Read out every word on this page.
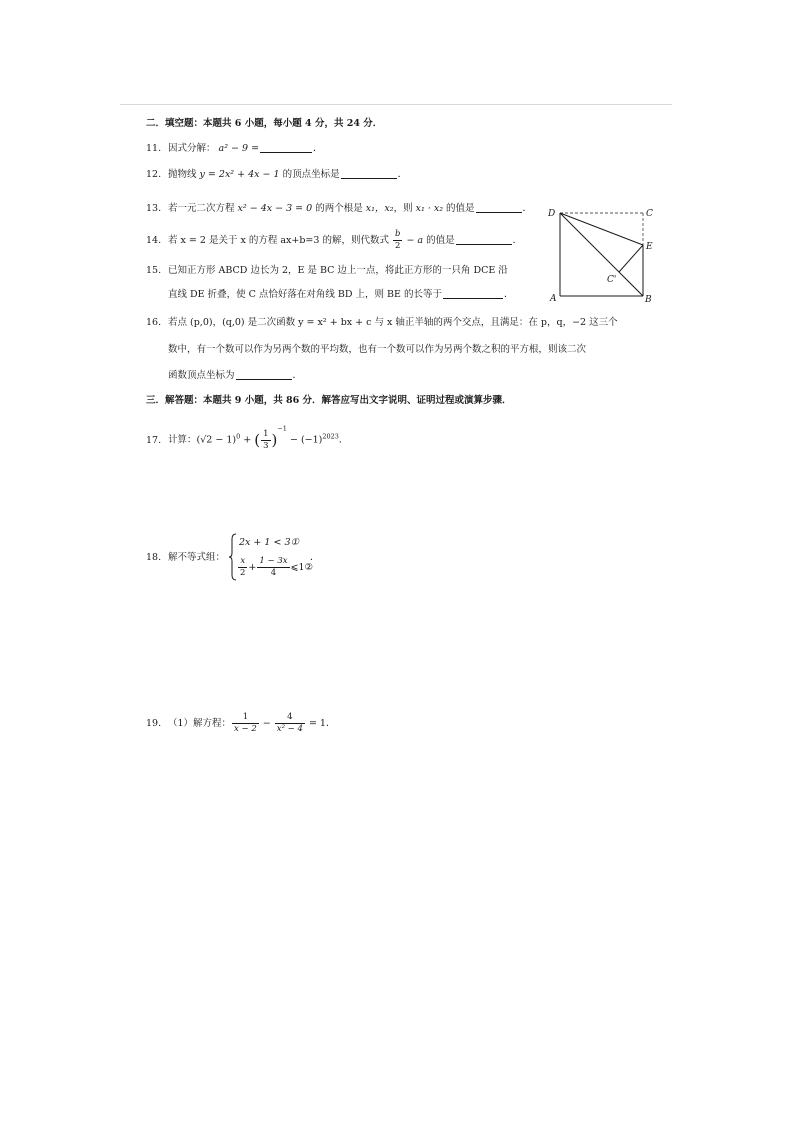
二．填空题：本题共 6 小题，每小题 4 分，共 24 分．
11. 因式分解： a² − 9 =	．
12. 抛物线 y = 2x² + 4x − 1 的顶点坐标是	．
13. 若一元二次方程 x² − 4x − 3 = 0 的两个根是 x₁，x₂，则 x₁ · x₂ 的值是	．
14. 若 x = 2 是关于 x 的方程 ax+b=3 的解，则代数式 $\frac{b}{2} - a$ 的值是	．
15. 已知正方形 ABCD 边长为 2，E 是 BC 边上一点，将此正方形的一只角 DCE 沿
直线 DE 折叠，使 C 点恰好落在对角线 BD 上，则 BE 的长等于	．
D	C
E
C'
A	B
16. 若点 (p,0)，(q,0) 是二次函数 y = x² + bx + c 与 x 轴正半轴的两个交点，且满足：在 p，q，−2 这三个
数中，有一个数可以作为另两个数的平均数，也有一个数可以作为另两个数之积的平方根，则该二次
函数顶点坐标为	．
三．解答题：本题共 9 小题，共 86 分．解答应写出文字说明、证明过程或演算步骤．
17. 计算：$(√2 - 1)^0$ + ( $\frac{1}{3} )^{-1} - (-1)^{2023}$．
18. 解不等式组：
2x + 1 < 3①
$\frac{x}{2} + \frac{1 - 3x}{4}$ ⩽1②
．
19. （1）解方程： $\frac{1}{x - 2} - \frac{4}{\text{x² − 4}} = 1$．
